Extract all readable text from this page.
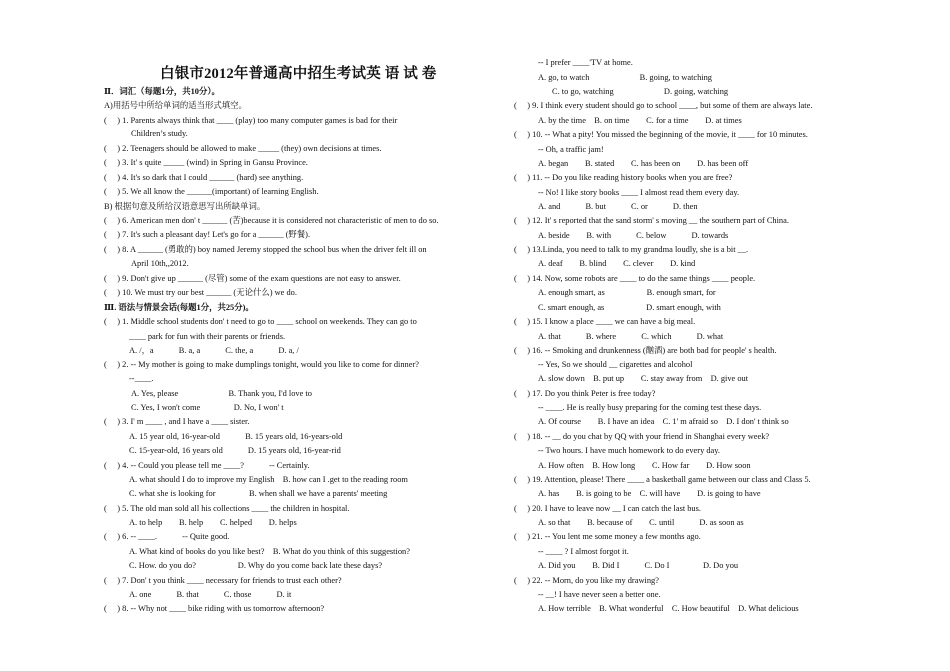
白银市2012年普通高中招生考试英 语 试 卷
Ⅱ．词汇（每题1分，共10分）。
A)用括号中所给单词的适当形式填空。
(　 ) 1. Parents always think that ____ (play) too many computer games is bad for their
Children’s study.
(　 ) 2. Teenagers should be allowed to make _____ (they) own decisions at times.
(　 ) 3. It' s quite _____ (wind) in Spring in Gansu Province.
(　 ) 4. It's so dark that I could ______ (hard) see anything.
(　 ) 5. We all know the ______(important) of learning English.
B) 根据句意及所给汉语意思写出所缺单词。
(　 ) 6. American men don' t ______ (苦)because it is considered not characteristic of men to do so.
(　 ) 7. It's such a pleasant day! Let's go for a ______ (野餐).
(　 ) 8. A ______ (勇敢的) boy named Jeremy stopped the school bus when the driver felt ill on
April 10th,,2012.
(　 ) 9. Don't give up ______ (尽管) some of the exam questions are not easy to answer.
(　 ) 10. We must try our best ______ (无论什么) we do.
Ⅲ. 语法与情景会话(每题1分，共25分)。
(　 ) 1. Middle school students don' t need to go to ____ school on weekends. They can go to
____ park for fun with their parents or friends.
A. /，a　　　B. a, a　　　C. the, a　　　D. a, /
(　 ) 2. -- My mother is going to make dumplings tonight, would you like to come for dinner?
--____.
A. Yes, please　　　　　　B. Thank you, I'd love to
C. Yes, I won't come　　　　D. No, I won' t
(　 ) 3. I' m ____ , and I have a ____ sister.
A. 15 year old, 16-year-old　　　B. 15 years old, 16-years-old
C. 15-year-old, 16 years old　　　D. 15 years old, 16-year-rid
(　 ) 4. -- Could you please tell me ____?　　　-- Certainly.
A. what should I do to improve my English　B. how can I .get to the reading room
C. what she is looking for　　　　B. when shall we have a parents' meeting
(　 ) 5. The old man sold all his collections ____ the children in hospital.
A. to help　　B. help　　C. helped　　D. helps
(　 ) 6. -- ____.　　　-- Quite good.
A. What kind of books do you like best?　B. What do you think of this suggestion?
C. How. do you do?　　　　　D. Why do you come back late these days?
(　 ) 7. Don' t you think ____ necessary for friends to trust each other?
A. one　　　B. that　　　C. those　　　D. it
(　 ) 8. -- Why not ____ bike riding with us tomorrow afternoon?
-- I prefer ____'TV at home.
A. go, to watch　　　　　　B. going, to watching
C. to go, watching　　　　　　D. going, watching
(　 ) 9. I think every student should go to school ____, but some of them are always late.
A. by the time　B. on time　　C. for a time　　D. at times
(　 ) 10. -- What a pity! You missed the beginning of the movie, it ____ for 10 minutes.
-- Oh, a traffic jam!
A. began　　B. stated　　C. has been on　　D. has been off
(　 ) 11. -- Do you like reading history books when you are free?
-- No! I like story books ____ I almost read them every day.
A. and　　　B. but　　　C. or　　　D. then
(　 ) 12. It' s reported that the sand storm' s moving __ the southern part of China.
A. beside　　B. with　　　C. below　　　D. towards
(　 ) 13.Linda, you need to talk to my grandma loudly, she is a bit __.
A. deaf　　B. blind　　C. clever　　D. kind
(　 ) 14. Now, some robots are ____ to do the same things ____ people.
A. enough smart, as　　　　　B. enough smart, for
C. smart enough, as　　　　　D. smart enough, with
(　 ) 15. I know a place ____ we can have a big meal.
A. that　　　B. where　　　C. which　　　D. what
(　 ) 16. -- Smoking and drunkenness (酗酒) are both bad for people' s health.
-- Yes, So we should __ cigarettes and alcohol
A. slow down　B. put up　　C. stay away from　D. give out
(　 ) 17. Do you think Peter is free today?
-- ____. He is really busy preparing for the coming test these days.
A. Of course　　B. I have an idea　C. 1' m afraid so　D. I don' t think so
(　 ) 18. -- __ do you chat by QQ with your friend in Shanghai every week?
-- Two hours. I have much homework to do every day.
A. How often　B. How long　　C. How far　　D. How soon
(　 ) 19. Attention, please! There ____ a basketball game between our class and Class 5.
A. has　　B. is going to be　C. will have　　D. is going to have
(　 ) 20. I have to leave now __ I can catch the last bus.
A. so that　　B. because of　　C. until　　　D. as soon as
(　 ) 21. -- You lent me some money a few months ago.
-- ____ ? I almost forgot it.
A. Did you　　B. Did I　　　C. Do I　　　　D. Do you
(　 ) 22. -- Morn, do you like my drawing?
-- __! I have never seen a better one.
A. How terrible　B. What wonderful　C. How beautiful　D. What delicious
